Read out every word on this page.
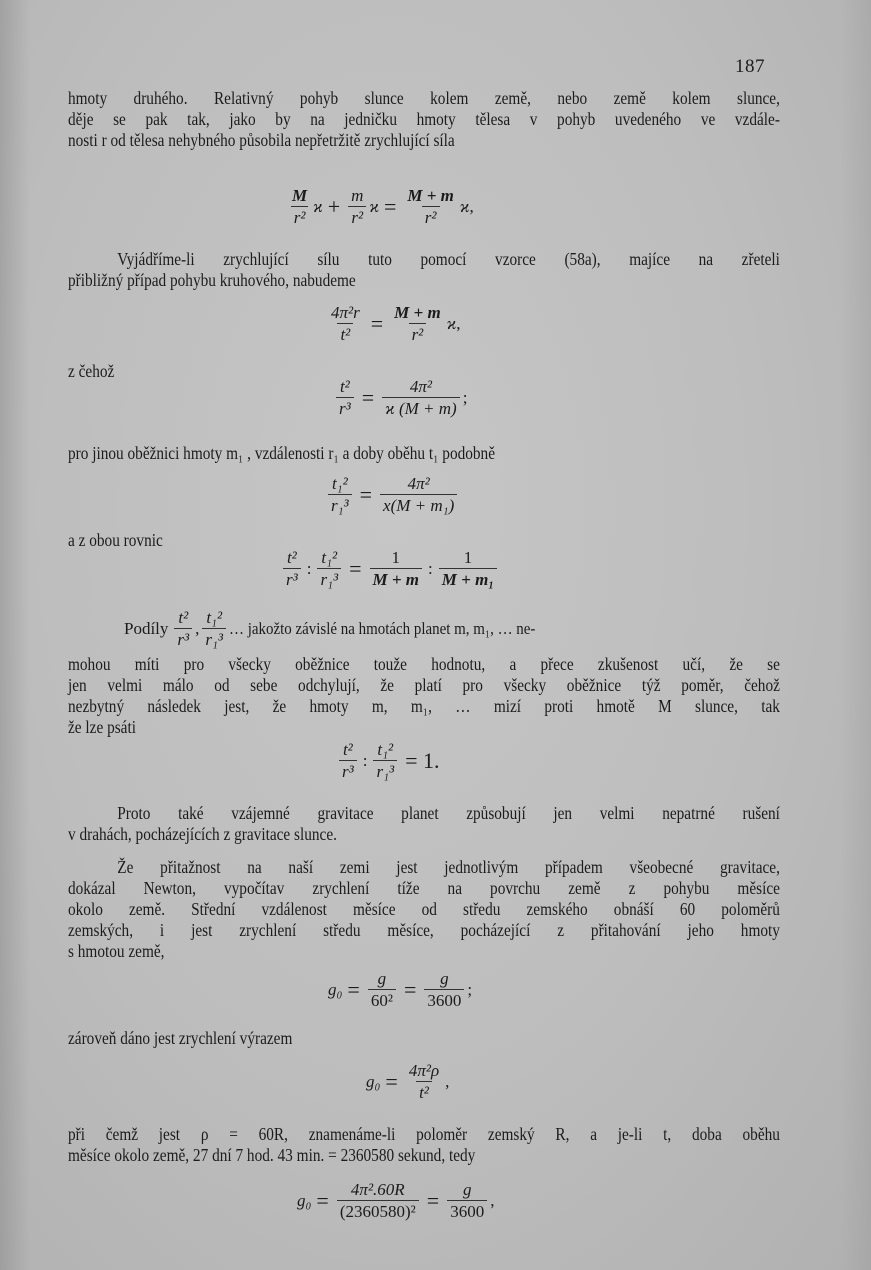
187
hmoty druhého. Relativný pohyb slunce kolem země, nebo země kolem slunce,
děje se pak tak, jako by na jedničku hmoty tělesa v pohyb uvedeného ve vzdále-
nosti r od tělesa nehybného působila nepřetržitě zrychlující síla
$\frac{M}{\text{r²}}$ $ϰ + \frac{m}{\text{r²}}$ $ϰ = \frac{M + m}{\text{r²}}$ ϰ ,
Vyjádříme-li zrychlující sílu tuto pomocí vzorce (58a), majíce na zřeteli
přibližný případ pohybu kruhového, nabudeme
$\frac{\text{4π²r}}{\text{t²}} = \frac{M + m}{\text{r²}}$ ϰ ,
z čehož
$\frac{\text{t²}}{\text{r³}} = \frac{\text{4π²}}{ϰ (M + m)}$ ;
pro jinou oběžnici hmoty m₁ , vzdálenosti r₁ a doby oběhu t₁ podobně
$\frac{\text{t₁²}}{\text{r₁³}} = \frac{\text{4π²}}{\text{x(M + m₁)}}$
a z obou rovnic
$\frac{\text{t²}}{\text{r³}}$ : $\frac{\text{t₁²}}{\text{r₁³}} = \frac{1}{M + m}$ : $\frac{1}{\text{M + m₁}}$
Podíly $\frac{\text{t²}}{\text{r³}}$ , $\frac{\text{t₁²}}{\text{r₁³}}$ … jakožto závislé na hmotách planet m, m₁, … ne-
mohou míti pro všecky oběžnice touže hodnotu, a přece zkušenost učí, že se
jen velmi málo od sebe odchylují, že platí pro všecky oběžnice týž poměr, čehož
nezbytný následek jest, že hmoty m, m₁, … mizí proti hmotě M slunce, tak
že lze psáti
$\frac{\text{t²}}{\text{r³}}$ : $\frac{\text{t₁²}}{\text{r₁³}} = 1$.
Proto také vzájemné gravitace planet způsobují jen velmi nepatrné rušení
v drahách, pocházejících z gravitace slunce.
Že přitažnost na naší zemi jest jednotlivým případem všeobecné gravitace,
dokázal Newton, vypočítav zrychlení tíže na povrchu země z pohybu měsíce
okolo země. Střední vzdálenost měsíce od středu zemského obnáší 60 poloměrů
zemských, i jest zrychlení středu měsíce, pocházející z přitahování jeho hmoty
s hmotou země,
$g_0 = \frac{g}{\text{60²}} = \frac{g}{3600}$ ;
zároveň dáno jest zrychlení výrazem
$g_0 = \frac{\text{4π²ρ}}{\text{t²}}$ ,
při čemž jest ρ = 60R, znamenáme-li poloměr zemský R, a je-li t, doba oběhu
měsíce okolo země, 27 dní 7 hod. 43 min. = 2360580 sekund, tedy
$g_0 = \frac{\text{4π².60R}}{\text{(2360580)²}} = \frac{g}{3600}$ ,
